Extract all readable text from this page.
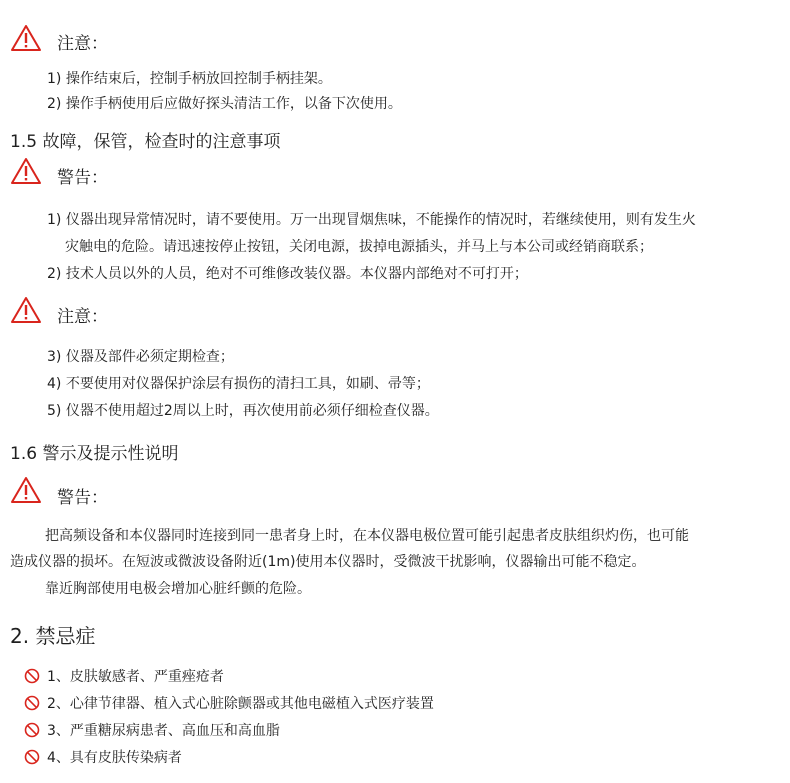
注意：
1) 操作结束后，控制手柄放回控制手柄挂架。
2) 操作手柄使用后应做好探头清洁工作，以备下次使用。
1.5 故障，保管，检查时的注意事项
警告：
1) 仪器出现异常情况时，请不要使用。万一出现冒烟焦味，不能操作的情况时，若继续使用，则有发生火
灾触电的危险。请迅速按停止按钮，关闭电源，拔掉电源插头，并马上与本公司或经销商联系；
2) 技术人员以外的人员，绝对不可维修改装仪器。本仪器内部绝对不可打开；
注意：
3) 仪器及部件必须定期检查；
4) 不要使用对仪器保护涂层有损伤的清扫工具，如刷、帚等；
5) 仪器不使用超过2周以上时，再次使用前必须仔细检查仪器。
1.6 警示及提示性说明
警告：
把高频设备和本仪器同时连接到同一患者身上时，在本仪器电极位置可能引起患者皮肤组织灼伤，也可能
造成仪器的损坏。在短波或微波设备附近(1m)使用本仪器时，受微波干扰影响，仪器输出可能不稳定。
靠近胸部使用电极会增加心脏纤颤的危险。
2. 禁忌症
1、皮肤敏感者、严重痤疮者
2、心律节律器、植入式心脏除颤器或其他电磁植入式医疗装置
3、严重糖尿病患者、高血压和高血脂
4、具有皮肤传染病者
